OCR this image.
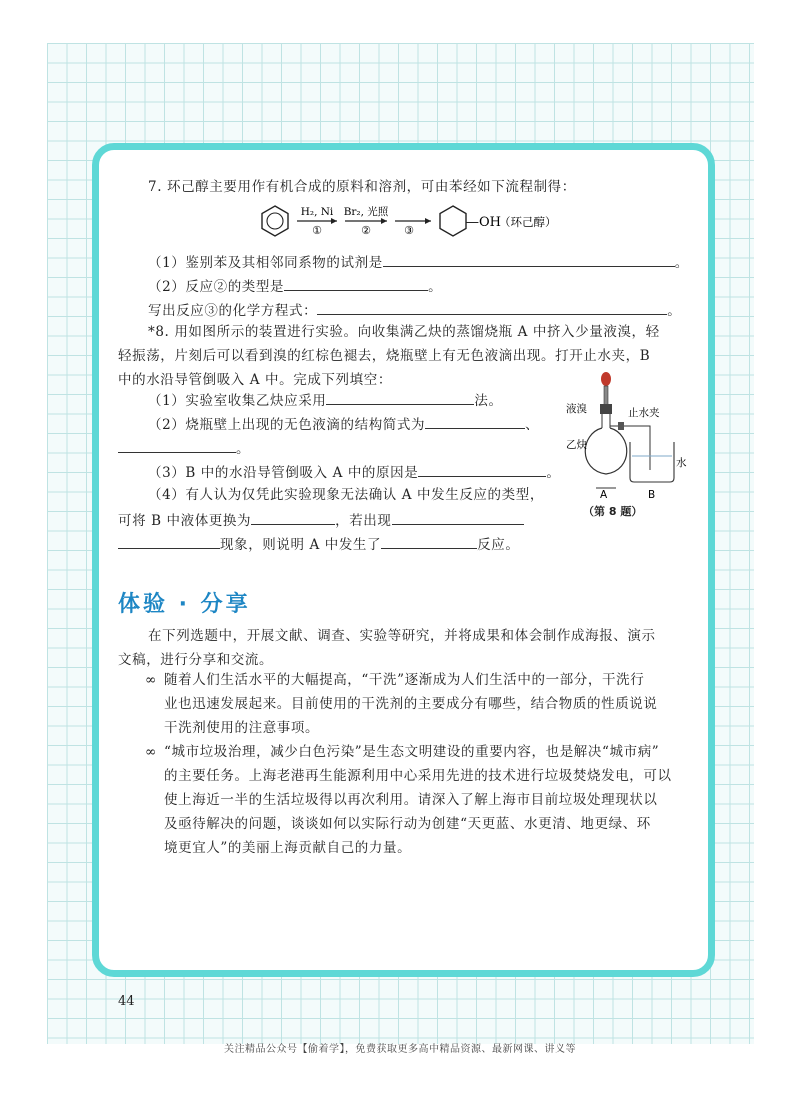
7. 环己醇主要用作有机合成的原料和溶剂，可由苯经如下流程制得：
H₂, Ni
①
Br₂, 光照
②	③
—OH
（环己醇）
（1）鉴别苯及其相邻同系物的试剂是	。
（2）反应②的类型是	。
写出反应③的化学方程式：	。
*8. 用如图所示的装置进行实验。向收集满乙炔的蒸馏烧瓶 A 中挤入少量液溴，轻
轻振荡，片刻后可以看到溴的红棕色褪去，烧瓶壁上有无色液滴出现。打开止水夹，B
中的水沿导管倒吸入 A 中。完成下列填空：
（1）实验室收集乙炔应采用	法。
（2）烧瓶壁上出现的无色液滴的结构简式为	、
。
（3）B 中的水沿导管倒吸入 A 中的原因是	。
（4）有人认为仅凭此实验现象无法确认 A 中发生反应的类型，
可将 B 中液体更换为	，若出现
现象，则说明 A 中发生了	反应。
液溴	止水夹
乙炔
水
A	B
（第 8 题）
体验 · 分享
在下列选题中，开展文献、调查、实验等研究，并将成果和体会制作成海报、演示
文稿，进行分享和交流。
∞ 随着人们生活水平的大幅提高，“干洗”逐渐成为人们生活中的一部分，干洗行
业也迅速发展起来。目前使用的干洗剂的主要成分有哪些，结合物质的性质说说
干洗剂使用的注意事项。
∞ “城市垃圾治理，减少白色污染”是生态文明建设的重要内容，也是解决“城市病”
的主要任务。上海老港再生能源利用中心采用先进的技术进行垃圾焚烧发电，可以
使上海近一半的生活垃圾得以再次利用。请深入了解上海市目前垃圾处理现状以
及亟待解决的问题，谈谈如何以实际行动为创建“天更蓝、水更清、地更绿、环
境更宜人”的美丽上海贡献自己的力量。
44
关注精品公众号【偷着学】，免费获取更多高中精品资源、最新网课、讲义等
